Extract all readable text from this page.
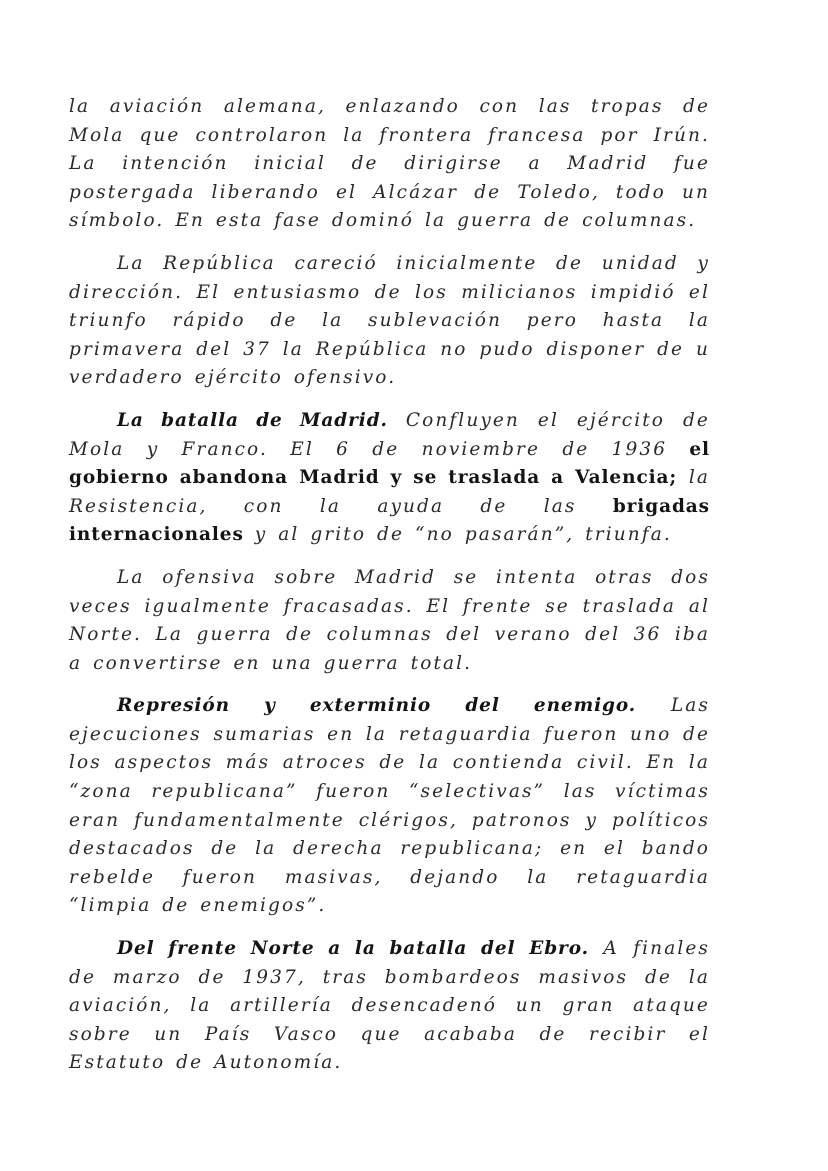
la aviación alemana, enlazando con las tropas de Mola que controlaron la frontera francesa por Irún. La intención inicial de dirigirse a Madrid fue postergada liberando el Alcázar de Toledo, todo un símbolo. En esta fase dominó la guerra de columnas.

La República careció inicialmente de unidad y dirección. El entusiasmo de los milicianos impidió el triunfo rápido de la sublevación pero hasta la primavera del 37 la República no pudo disponer de u verdadero ejército ofensivo.

La batalla de Madrid. Confluyen el ejército de Mola y Franco. El 6 de noviembre de 1936 el gobierno abandona Madrid y se traslada a Valencia; la Resistencia, con la ayuda de las brigadas internacionales y al grito de “no pasarán”, triunfa.

La ofensiva sobre Madrid se intenta otras dos veces igualmente fracasadas. El frente se traslada al Norte. La guerra de columnas del verano del 36 iba a convertirse en una guerra total.

Represión y exterminio del enemigo. Las ejecuciones sumarias en la retaguardia fueron uno de los aspectos más atroces de la contienda civil. En la “zona republicana” fueron “selectivas” las víctimas eran fundamentalmente clérigos, patronos y políticos destacados de la derecha republicana; en el bando rebelde fueron masivas, dejando la retaguardia “limpia de enemigos”.

Del frente Norte a la batalla del Ebro. A finales de marzo de 1937, tras bombardeos masivos de la aviación, la artillería desencadenó un gran ataque sobre un País Vasco que acababa de recibir el Estatuto de Autonomía.
